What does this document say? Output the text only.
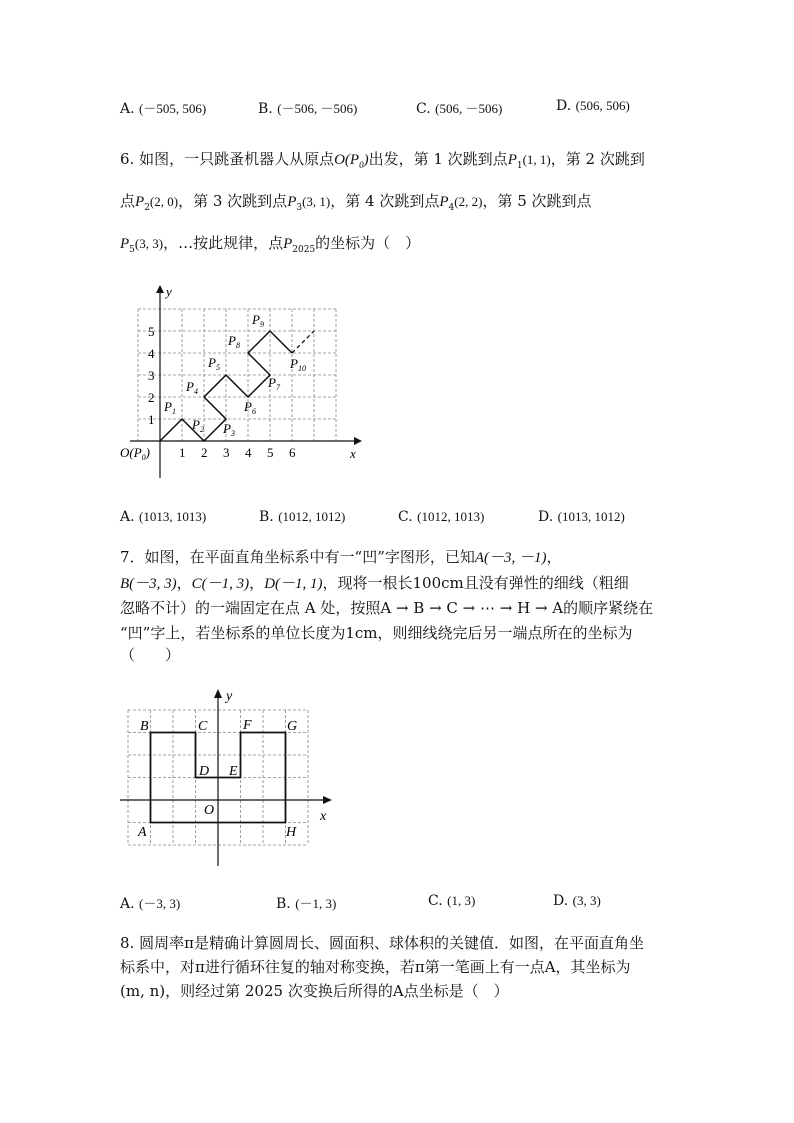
A. (－505, 506)	B. (－506, －506)	C. (506, －506)	D. (506, 506)
6. 如图，一只跳蚤机器人从原点$O(P_0)$出发，第 1 次跳到点$P_1(1$, 1)，第 2 次跳到
点$P_2(2$, 0)，第 3 次跳到点$P_3(3$, 1)，第 4 次跳到点$P_4(2$, 2)，第 5 次跳到点
$P_5(3$, 3)，…按此规律，点$P_{2025}$的坐标为（　）
y
x
$O(P_0)$ 1 2 3 4 5 6
1
2
3
4
5
$P_1$
$P_2$ $P_3$
$P_4$
$P_5$
$P_6$
$P_7$
$P_8$
$P_9$
$P_{10}$
A. (1013, 1013)	B. (1012, 1012)	C. (1012, 1013)	D. (1013, 1012)
7．如图，在平面直角坐标系中有一“凹”字图形，已知A(－3, －1)，
B(－3, 3)，C(－1, 3)，D(－1, 1)，现将一根长100cm且没有弹性的细线（粗细
忽略不计）的一端固定在点 A 处，按照A → B → C → ⋯ → H → A的顺序紧绕在
“凹”字上，若坐标系的单位长度为1cm，则细线绕完后另一端点所在的坐标为
（　　）
y
x
O
A
B	C
D E
F	G
H
A. (－3, 3)	B. (－1, 3)	C. (1, 3)	D. (3, 3)
8. 圆周率π是精确计算圆周长、圆面积、球体积的关键值．如图，在平面直角坐
标系中，对π进行循环往复的轴对称变换，若π第一笔画上有一点A，其坐标为
(m, n)，则经过第 2025 次变换后所得的A点坐标是（　）
